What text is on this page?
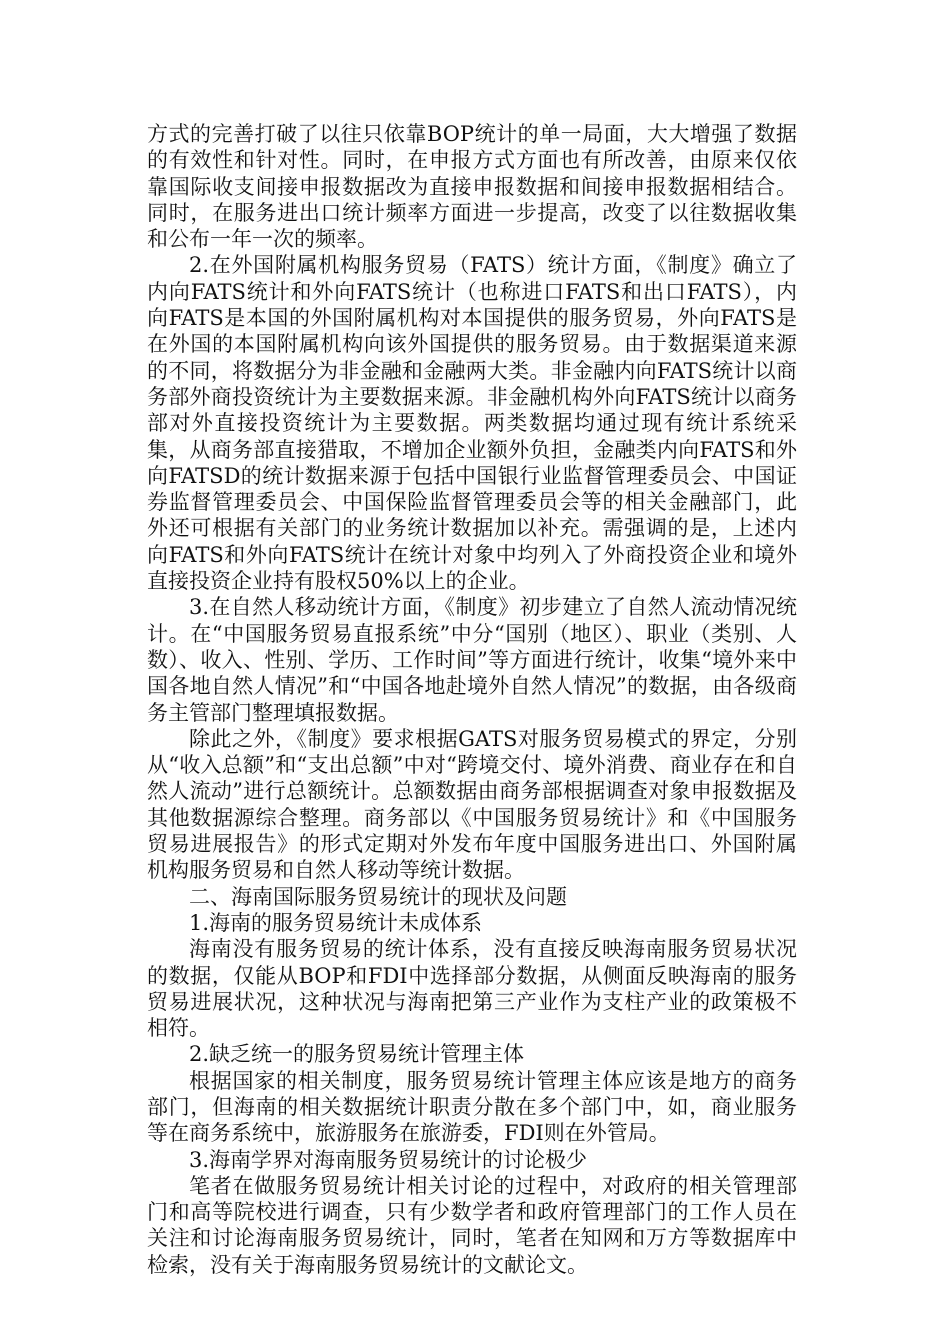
方式的完善打破了以往只依靠BOP统计的单一局面，大大增强了数据的有效性和针对性。同时，在申报方式方面也有所改善，由原来仅依靠国际收支间接申报数据改为直接申报数据和间接申报数据相结合。同时，在服务进出口统计频率方面进一步提高，改变了以往数据收集和公布一年一次的频率。

2.在外国附属机构服务贸易（FATS）统计方面，《制度》确立了内向FATS统计和外向FATS统计（也称进口FATS和出口FATS），内向FATS是本国的外国附属机构对本国提供的服务贸易，外向FATS是在外国的本国附属机构向该外国提供的服务贸易。由于数据渠道来源的不同，将数据分为非金融和金融两大类。非金融内向FATS统计以商务部外商投资统计为主要数据来源。非金融机构外向FATS统计以商务部对外直接投资统计为主要数据。两类数据均通过现有统计系统采集，从商务部直接猎取，不增加企业额外负担，金融类内向FATS和外向FATSD的统计数据来源于包括中国银行业监督管理委员会、中国证券监督管理委员会、中国保险监督管理委员会等的相关金融部门，此外还可根据有关部门的业务统计数据加以补充。需强调的是，上述内向FATS和外向FATS统计在统计对象中均列入了外商投资企业和境外直接投资企业持有股权50%以上的企业。

3.在自然人移动统计方面，《制度》初步建立了自然人流动情况统计。在“中国服务贸易直报系统”中分“国别（地区）、职业（类别、人数）、收入、性别、学历、工作时间”等方面进行统计，收集“境外来中国各地自然人情况”和“中国各地赴境外自然人情况”的数据，由各级商务主管部门整理填报数据。

除此之外，《制度》要求根据GATS对服务贸易模式的界定，分别从“收入总额”和“支出总额”中对“跨境交付、境外消费、商业存在和自然人流动”进行总额统计。总额数据由商务部根据调查对象申报数据及其他数据源综合整理。商务部以《中国服务贸易统计》和《中国服务贸易进展报告》的形式定期对外发布年度中国服务进出口、外国附属机构服务贸易和自然人移动等统计数据。

二、海南国际服务贸易统计的现状及问题

1.海南的服务贸易统计未成体系

海南没有服务贸易的统计体系，没有直接反映海南服务贸易状况的数据，仅能从BOP和FDI中选择部分数据，从侧面反映海南的服务贸易进展状况，这种状况与海南把第三产业作为支柱产业的政策极不相符。

2.缺乏统一的服务贸易统计管理主体

根据国家的相关制度，服务贸易统计管理主体应该是地方的商务部门，但海南的相关数据统计职责分散在多个部门中，如，商业服务等在商务系统中，旅游服务在旅游委，FDI则在外管局。

3.海南学界对海南服务贸易统计的讨论极少

笔者在做服务贸易统计相关讨论的过程中，对政府的相关管理部门和高等院校进行调查，只有少数学者和政府管理部门的工作人员在关注和讨论海南服务贸易统计，同时，笔者在知网和万方等数据库中检索，没有关于海南服务贸易统计的文献论文。
